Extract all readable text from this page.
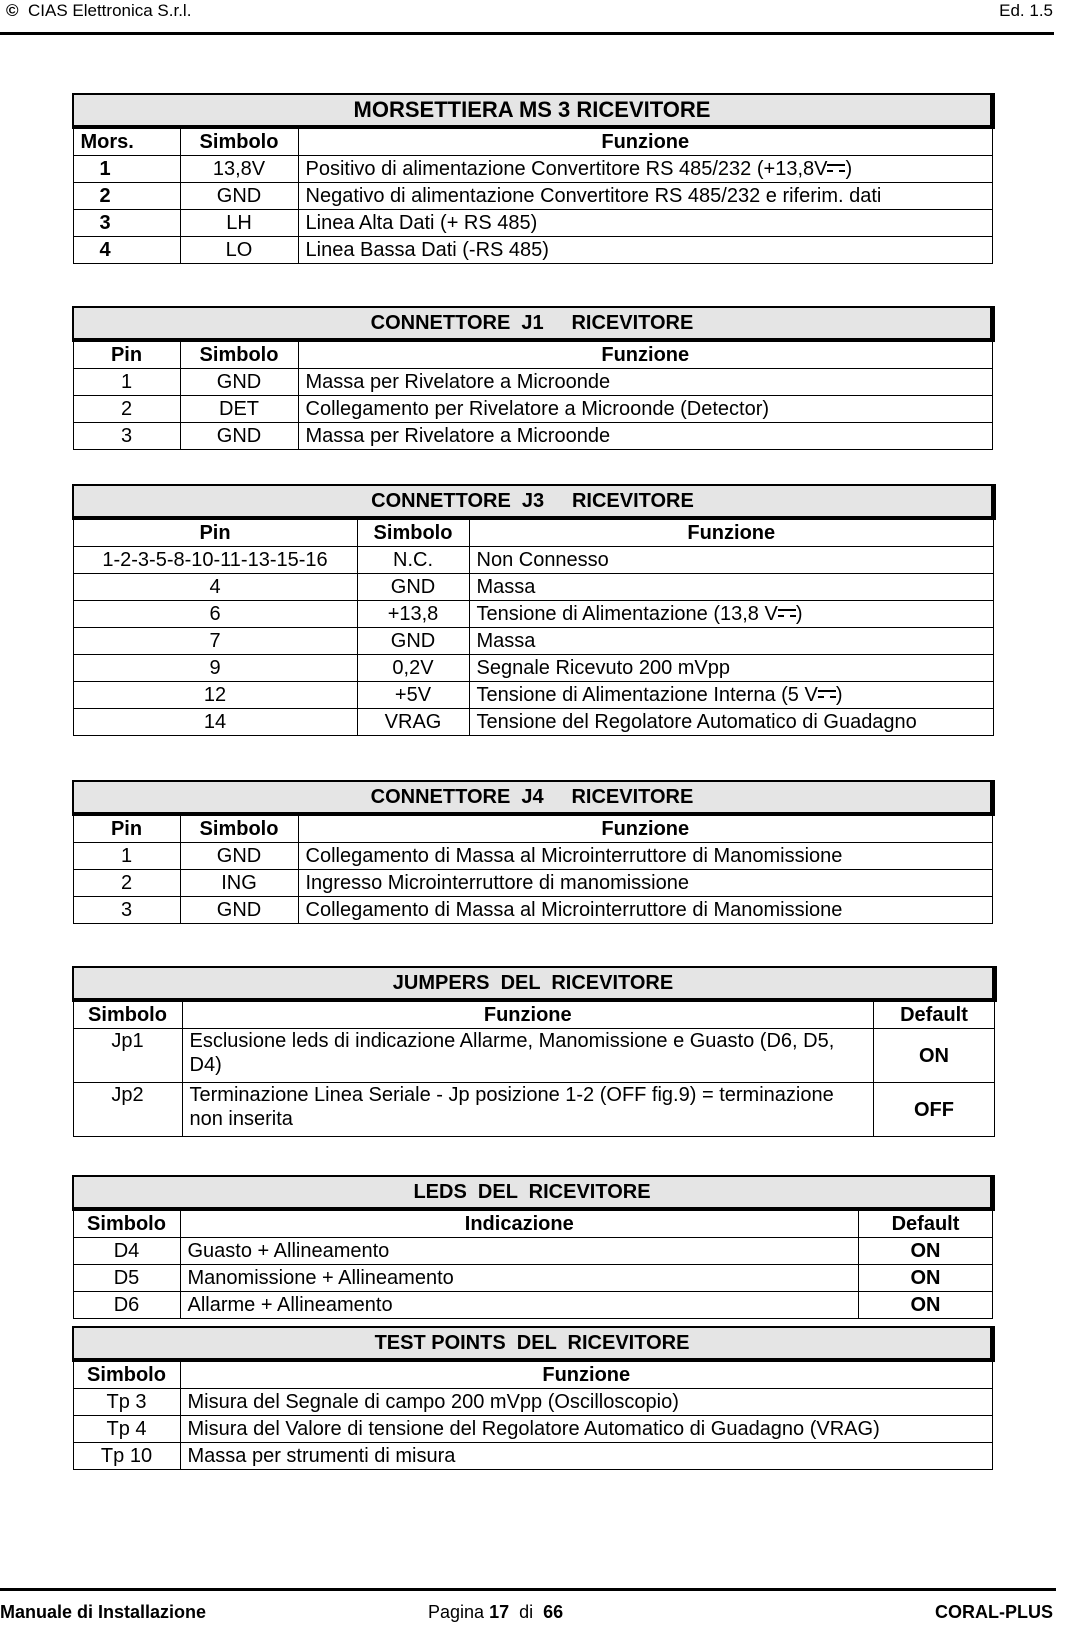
© CIAS Elettronica S.r.l.	Ed. 1.5
MORSETTIERA MS 3 RICEVITORE		
Mors.	Simbolo	Funzione
1	13,8V	Positivo di alimentazione Convertitore RS 485/232 (+13,8V )
2	GND	Negativo di alimentazione Convertitore RS 485/232 e riferim. dati
3	LH	Linea Alta Dati (+ RS 485)
4	LO	Linea Bassa Dati (-RS 485)
CONNETTORE  J1     RICEVITORE		
Pin	Simbolo	Funzione
1	GND	Massa per Rivelatore a Microonde
2	DET	Collegamento per Rivelatore a Microonde (Detector)
3	GND	Massa per Rivelatore a Microonde
CONNETTORE  J3     RICEVITORE		
Pin	Simbolo	Funzione
1-2-3-5-8-10-11-13-15-16	N.C.	Non Connesso
4	GND	Massa
6	+13,8	Tensione di Alimentazione (13,8 V )
7	GND	Massa
9	0,2V	Segnale Ricevuto 200 mVpp
12	+5V	Tensione di Alimentazione Interna (5 V )
14	VRAG	Tensione del Regolatore Automatico di Guadagno
CONNETTORE  J4     RICEVITORE		
Pin	Simbolo	Funzione
1	GND	Collegamento di Massa al Microinterruttore di Manomissione
2	ING	Ingresso Microinterruttore di manomissione
3	GND	Collegamento di Massa al Microinterruttore di Manomissione
JUMPERS  DEL  RICEVITORE		
Simbolo	Funzione	Default
Jp1	Esclusione leds di indicazione Allarme, Manomissione e Guasto (D6, D5, D4)	ON
Jp2	Terminazione Linea Seriale - Jp posizione 1-2 (OFF fig.9) = terminazione non inserita	OFF
LEDS  DEL  RICEVITORE		
Simbolo	Indicazione	Default
D4	Guasto + Allineamento	ON
D5	Manomissione + Allineamento	ON
D6	Allarme + Allineamento	ON
TEST POINTS  DEL  RICEVITORE	
Simbolo	Funzione
Tp 3	Misura del Segnale di campo 200 mVpp (Oscilloscopio)
Tp 4	Misura del Valore di tensione del Regolatore Automatico di Guadagno (VRAG)
Tp 10	Massa per strumenti di misura
Manuale di Installazione	Pagina 17 di 66	CORAL-PLUS
